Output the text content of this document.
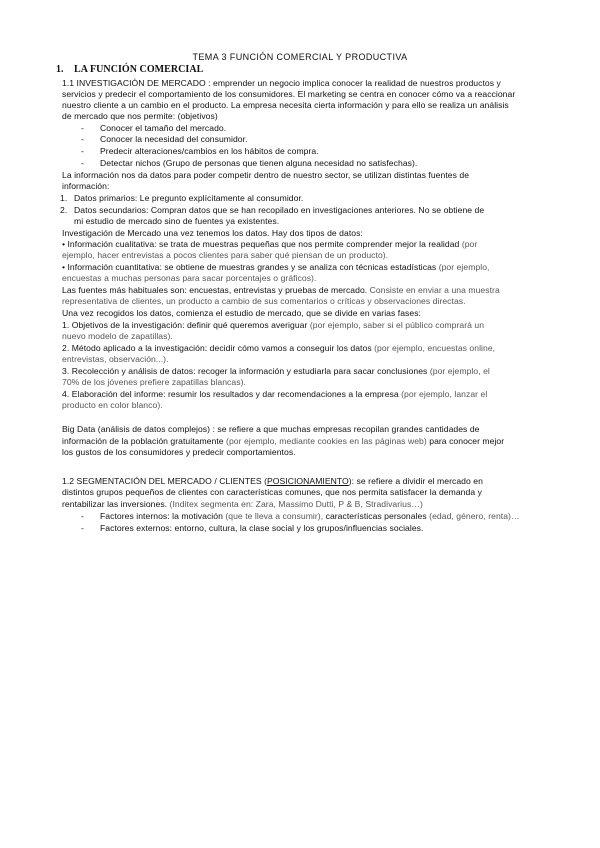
TEMA 3 FUNCIÓN COMERCIAL Y PRODUCTIVA
1.	LA FUNCIÓN COMERCIAL
1.1 INVESTIGACIÓN DE MERCADO : emprender un negocio implica conocer la realidad de nuestros productos y
servicios y predecir el comportamiento de los consumidores. El marketing se centra en conocer cómo va a reaccionar
nuestro cliente a un cambio en el producto. La empresa necesita cierta información y para ello se realiza un análisis
de mercado que nos permite: (objetivos)
-	Conocer el tamaño del mercado.
-	Conocer la necesidad del consumidor.
-	Predecir alteraciones/cambios en los hábitos de compra.
-	Detectar nichos (Grupo de personas que tienen alguna necesidad no satisfechas).
La información nos da datos para poder competir dentro de nuestro sector, se utilizan distintas fuentes de
información:
1. Datos primarios: Le pregunto explícitamente al consumidor.
2. Datos secundarios: Compran datos que se han recopilado en investigaciones anteriores. No se obtiene de
mi estudio de mercado sino de fuentes ya existentes.
Investigación de Mercado una vez tenemos los datos. Hay dos tipos de datos:
• Información cualitativa: se trata de muestras pequeñas que nos permite comprender mejor la realidad (por
ejemplo, hacer entrevistas a pocos clientes para saber qué piensan de un producto).
• Información cuantitativa: se obtiene de muestras grandes y se analiza con técnicas estadísticas (por ejemplo,
encuestas a muchas personas para sacar porcentajes o gráficos).
Las fuentes más habituales son: encuestas, entrevistas y pruebas de mercado. Consiste en enviar a una muestra
representativa de clientes, un producto a cambio de sus comentarios o críticas y observaciones directas.
Una vez recogidos los datos, comienza el estudio de mercado, que se divide en varias fases:
1. Objetivos de la investigación: definir qué queremos averiguar (por ejemplo, saber si el público comprará un
nuevo modelo de zapatillas).
2. Método aplicado a la investigación: decidir cómo vamos a conseguir los datos (por ejemplo, encuestas online,
entrevistas, observación...).
3. Recolección y análisis de datos: recoger la información y estudiarla para sacar conclusiones (por ejemplo, el
70% de los jóvenes prefiere zapatillas blancas).
4. Elaboración del informe: resumir los resultados y dar recomendaciones a la empresa (por ejemplo, lanzar el
producto en color blanco).
Big Data (análisis de datos complejos) : se refiere a que muchas empresas recopilan grandes cantidades de
información de la población gratuitamente (por ejemplo, mediante cookies en las páginas web) para conocer mejor
los gustos de los consumidores y predecir comportamientos.
1.2 SEGMENTACIÓN DEL MERCADO / CLIENTES (POSICIONAMIENTO): se refiere a dividir el mercado en
distintos grupos pequeños de clientes con características comunes, que nos permita satisfacer la demanda y
rentabilizar las inversiones. (Inditex segmenta en: Zara, Massimo Dutti, P & B, Stradivarius…)
-	Factores internos: la motivación (que te lleva a consumir), características personales (edad, género, renta)…
-	Factores externos: entorno, cultura, la clase social y los grupos/influencias sociales.
